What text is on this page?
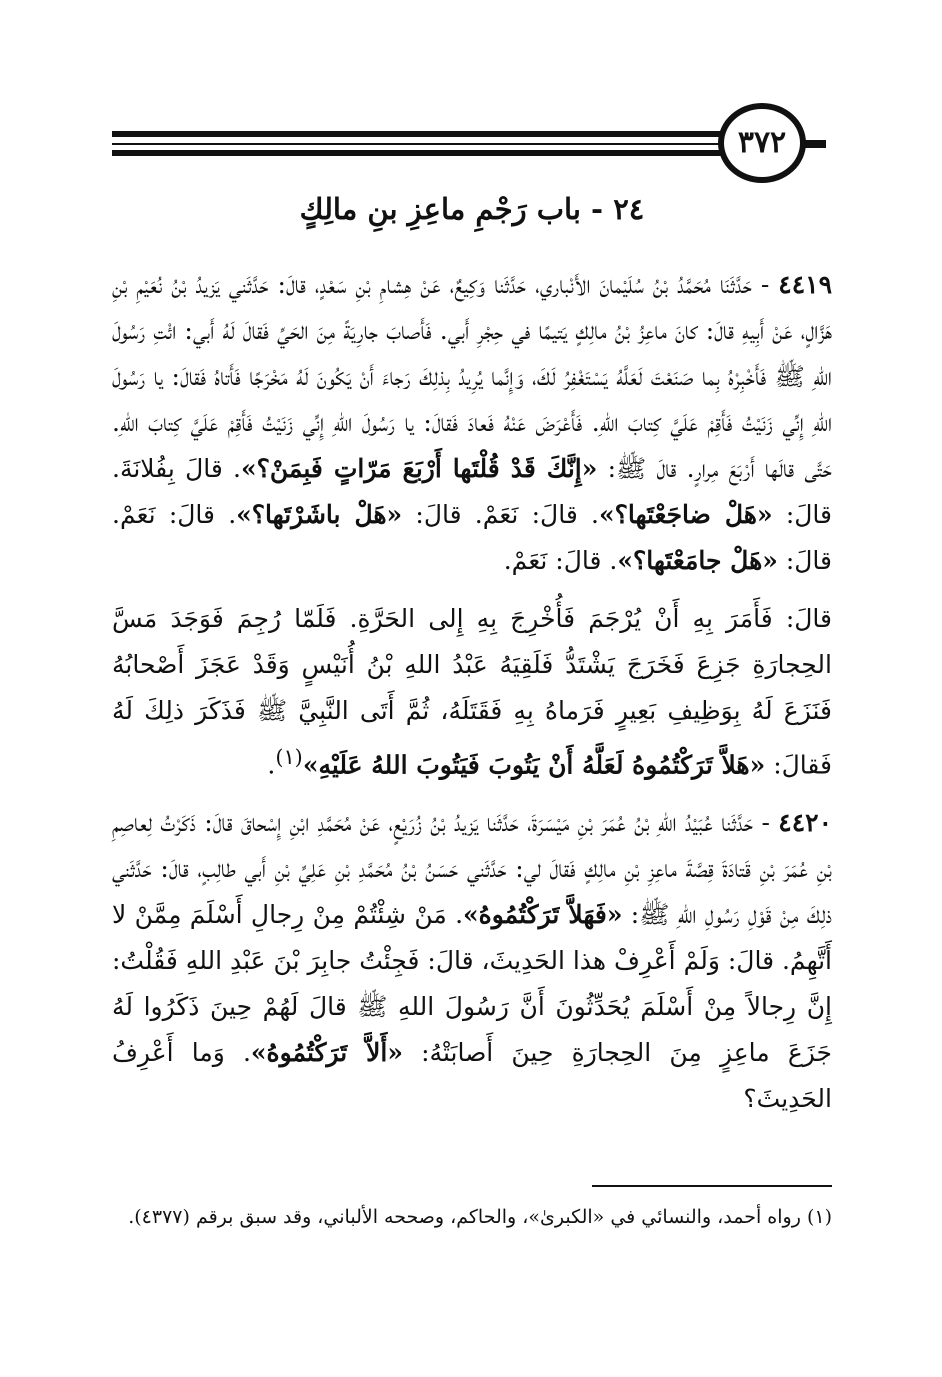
٣٧٢
٢٤ - باب رَجْمِ ماعِزِ بنِ مالِكٍ

٤٤١٩ - حَدَّثَنَا مُحَمَّدُ بْنُ سُلَيْمانَ الأَنْباري، حَدَّثَنا وَكِيعٌ، عَنْ هِشامِ بْنِ سَعْدٍ، قالَ: حَدَّثَني يَزيدُ بْنُ نُعَيْمِ بْنِ هَزَّالٍ، عَنْ أَبِيهِ قالَ: كانَ ماعِزُ بْنُ مالِكٍ يَتيمًا في حِجْرِ أَبي. فَأَصابَ جارِيَةً مِنَ الحَيِّ فَقالَ لَهُ أَبي: ائْتِ رَسُولَ اللهِ ﷺ فَأَخْبِرْهُ بِما صَنَعْتَ لَعَلَّهُ يَسْتَغْفِرُ لَكَ، وَإِنَّما يُرِيدُ بِذلِكَ رَجاءَ أَنْ يَكُونَ لَهُ مَخْرَجًا فَأَتاهُ فَقالَ: يا رَسُولَ اللهِ إِنِّي زَنَيْتُ فَأَقِمْ عَلَيَّ كِتابَ اللهِ. فَأَعْرَضَ عَنْهُ فَعادَ فَقالَ: يا رَسُولَ اللهِ إِنِّي زَنَيْتُ فَأَقِمْ عَلَيَّ كِتابَ اللهِ. حَتَّى قالَها أَرْبَعَ مِرارٍ. قالَ ﷺ: «إِنَّكَ قَدْ قُلْتَها أَرْبَعَ مَرّاتٍ فَبِمَنْ؟». قالَ بِفُلانَةَ. قالَ: «هَلْ ضاجَعْتَها؟». قالَ: نَعَمْ. قالَ: «هَلْ باشَرْتَها؟». قالَ: نَعَمْ. قالَ: «هَلْ جامَعْتَها؟». قالَ: نَعَمْ.

قالَ: فَأَمَرَ بِهِ أَنْ يُرْجَمَ فَأُخْرِجَ بِهِ إِلى الحَرَّةِ. فَلَمّا رُجِمَ فَوَجَدَ مَسَّ الحِجارَةِ جَزِعَ فَخَرَجَ يَشْتَدُّ فَلَقِيَهُ عَبْدُ اللهِ بْنُ أُنَيْسٍ وَقَدْ عَجَزَ أَصْحابُهُ فَنَزَعَ لَهُ بِوَظِيفِ بَعِيرٍ فَرَماهُ بِهِ فَقَتَلَهُ، ثُمَّ أَتَى النَّبِيَّ ﷺ فَذَكَرَ ذلِكَ لَهُ فَقالَ: «هَلاَّ تَرَكْتُمُوهُ لَعَلَّهُ أَنْ يَتُوبَ فَيَتُوبَ اللهُ عَلَيْهِ»$^{(١)}$.

٤٤٢٠ - حَدَّثَنا عُبَيْدُ اللهِ بْنُ عُمَرَ بْنِ مَيْسَرَةَ، حَدَّثَنا يَزيدُ بْنُ زُرَيْعٍ، عَنْ مُحَمَّدِ ابْنِ إِسْحاقَ قالَ: ذَكَرْتُ لِعاصِمِ بْنِ عُمَرَ بْنِ قَتادَةَ قِصَّةَ ماعِزِ بْنِ مالِكٍ فَقالَ لي: حَدَّثَني حَسَنُ بْنُ مُحَمَّدِ بْنِ عَلِيِّ بْنِ أَبي طالِبٍ، قالَ: حَدَّثَني ذلِكَ مِنْ قَوْلِ رَسُولِ اللهِ ﷺ: «فَهَلاَّ تَرَكْتُمُوهُ». مَنْ شِئْتُمْ مِنْ رِجالِ أَسْلَمَ مِمَّنْ لا أَتَّهِمُ. قالَ: وَلَمْ أَعْرِفْ هذا الحَدِيثَ، قالَ: فَجِئْتُ جابِرَ بْنَ عَبْدِ اللهِ فَقُلْتُ: إِنَّ رِجالاً مِنْ أَسْلَمَ يُحَدِّثُونَ أَنَّ رَسُولَ اللهِ ﷺ قالَ لَهُمْ حِينَ ذَكَرُوا لَهُ جَزَعَ ماعِزٍ مِنَ الحِجارَةِ حِينَ أَصابَتْهُ: «أَلاَّ تَرَكْتُمُوهُ». وَما أَعْرِفُ الحَدِيثَ؟

(١) رواه أحمد، والنسائي في «الكبرىٰ»، والحاكم، وصححه الألباني، وقد سبق برقم (٤٣٧٧).
